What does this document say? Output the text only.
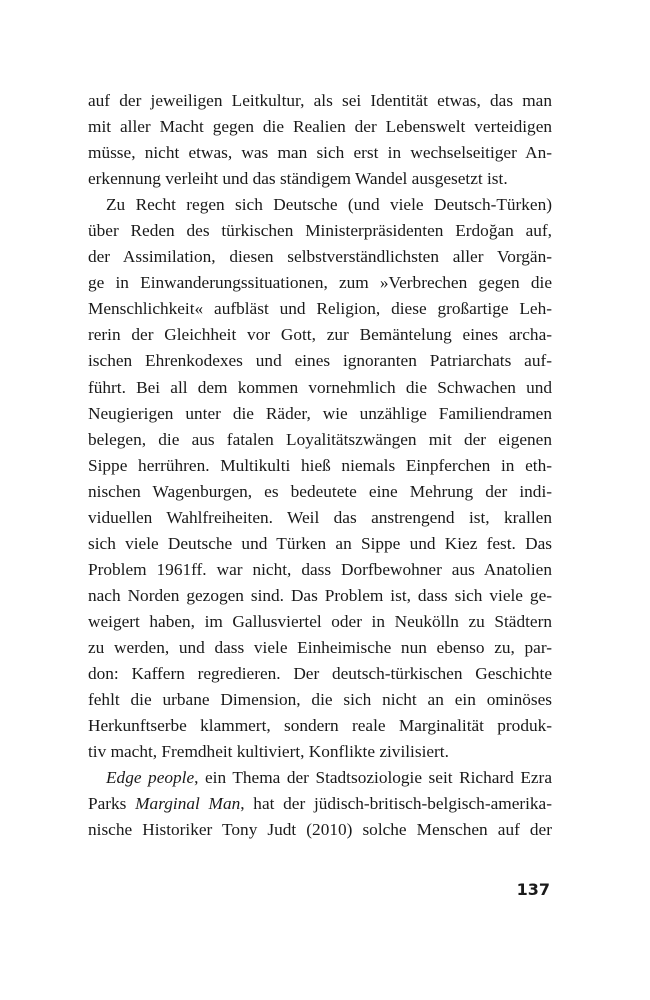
auf der jeweiligen Leitkultur, als sei Identität etwas, das man
mit aller Macht gegen die Realien der Lebenswelt verteidigen
müsse, nicht etwas, was man sich erst in wechselseitiger An-
erkennung verleiht und das ständigem Wandel ausgesetzt ist.
Zu Recht regen sich Deutsche (und viele Deutsch-Türken)
über Reden des türkischen Ministerpräsidenten Erdoğan auf,
der Assimilation, diesen selbstverständlichsten aller Vorgän-
ge in Einwanderungssituationen, zum »Verbrechen gegen die
Menschlichkeit« aufbläst und Religion, diese großartige Leh-
rerin der Gleichheit vor Gott, zur Bemäntelung eines archa-
ischen Ehrenkodexes und eines ignoranten Patriarchats auf-
führt. Bei all dem kommen vornehmlich die Schwachen und
Neugierigen unter die Räder, wie unzählige Familiendramen
belegen, die aus fatalen Loyalitätszwängen mit der eigenen
Sippe herrühren. Multikulti hieß niemals Einpferchen in eth-
nischen Wagenburgen, es bedeutete eine Mehrung der indi-
viduellen Wahlfreiheiten. Weil das anstrengend ist, krallen
sich viele Deutsche und Türken an Sippe und Kiez fest. Das
Problem 1961ff. war nicht, dass Dorfbewohner aus Anatolien
nach Norden gezogen sind. Das Problem ist, dass sich viele ge-
weigert haben, im Gallusviertel oder in Neukölln zu Städtern
zu werden, und dass viele Einheimische nun ebenso zu, par-
don: Kaffern regredieren. Der deutsch-türkischen Geschichte
fehlt die urbane Dimension, die sich nicht an ein ominöses
Herkunftserbe klammert, sondern reale Marginalität produk-
tiv macht, Fremdheit kultiviert, Konflikte zivilisiert.
Edge people, ein Thema der Stadtsoziologie seit Richard Ezra
Parks Marginal Man, hat der jüdisch-britisch-belgisch-amerika-
nische Historiker Tony Judt (2010) solche Menschen auf der
137
